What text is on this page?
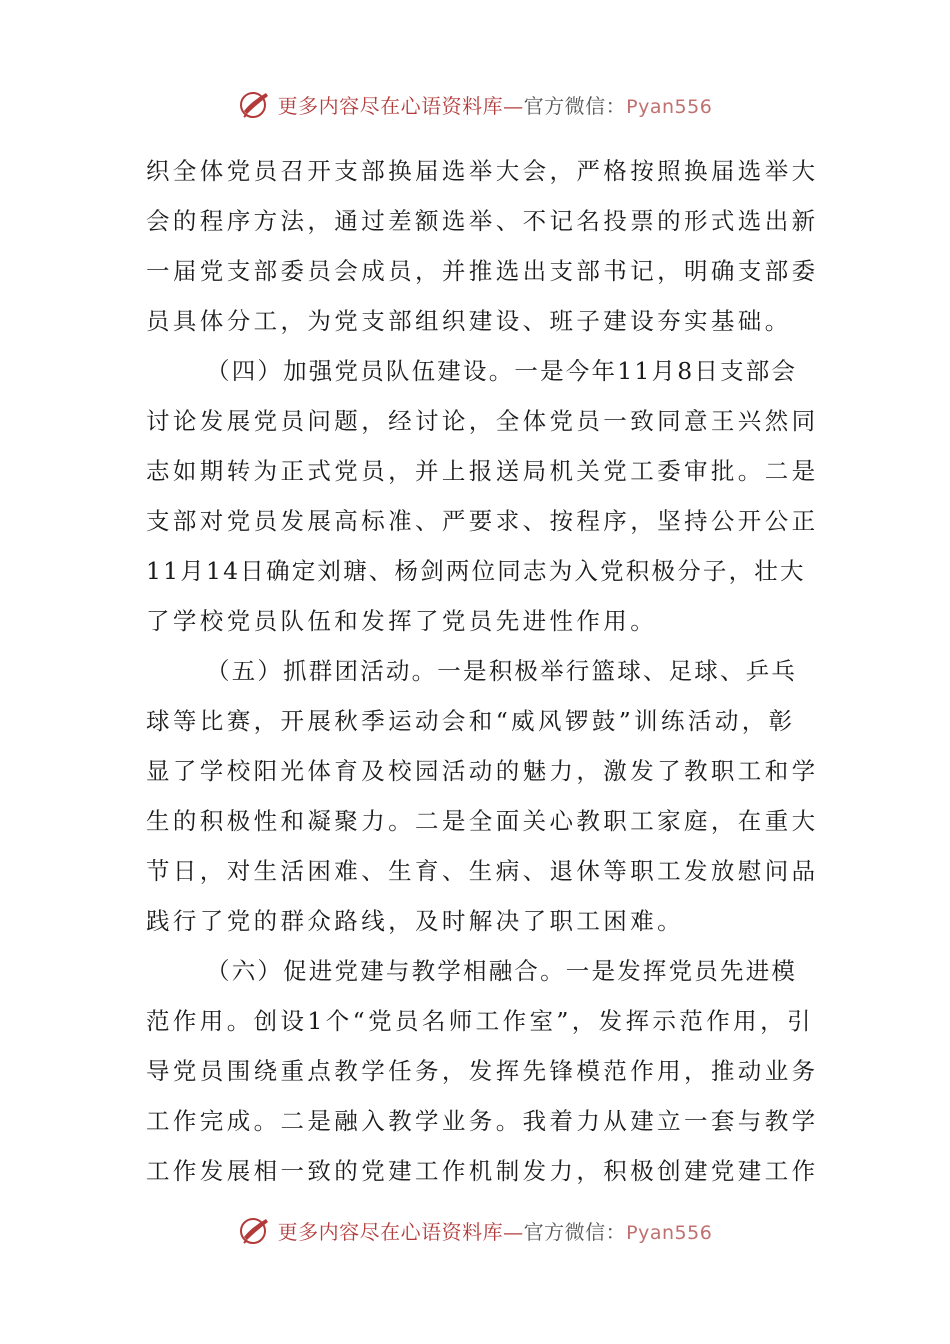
更多内容尽在心语资料库—官方微信：Pyan556
织全体党员召开支部换届选举大会，严格按照换届选举大
会的程序方法，通过差额选举、不记名投票的形式选出新
一届党支部委员会成员，并推选出支部书记，明确支部委
员具体分工，为党支部组织建设、班子建设夯实基础。
（四）加强党员队伍建设。一是今年11月8日支部会
讨论发展党员问题，经讨论，全体党员一致同意王兴然同
志如期转为正式党员，并上报送局机关党工委审批。二是
支部对党员发展高标准、严要求、按程序，坚持公开公正
11月14日确定刘瑭、杨剑两位同志为入党积极分子，壮大
了学校党员队伍和发挥了党员先进性作用。
（五）抓群团活动。一是积极举行篮球、足球、乒乓
球等比赛，开展秋季运动会和“威风锣鼓”训练活动，彰
显了学校阳光体育及校园活动的魅力，激发了教职工和学
生的积极性和凝聚力。二是全面关心教职工家庭，在重大
节日，对生活困难、生育、生病、退休等职工发放慰问品
践行了党的群众路线，及时解决了职工困难。
（六）促进党建与教学相融合。一是发挥党员先进模
范作用。创设1个“党员名师工作室”，发挥示范作用，引
导党员围绕重点教学任务，发挥先锋模范作用，推动业务
工作完成。二是融入教学业务。我着力从建立一套与教学
工作发展相一致的党建工作机制发力，积极创建党建工作
更多内容尽在心语资料库—官方微信：Pyan556
